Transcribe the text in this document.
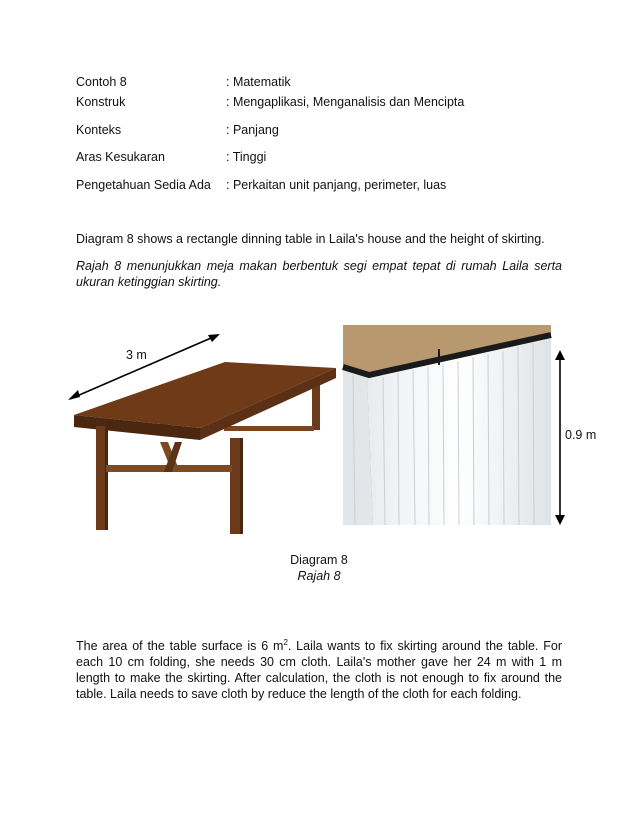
Contoh 8	: Matematik
Konstruk	: Mengaplikasi, Menganalisis dan Mencipta
Konteks	: Panjang
Aras Kesukaran	: Tinggi
Pengetahuan Sedia Ada : Perkaitan unit panjang, perimeter, luas

Diagram 8 shows a rectangle dinning table in Laila's house and the height of skirting.

Rajah 8 menunjukkan meja makan berbentuk segi empat tepat di rumah Laila serta ukuran ketinggian skirting.

3 m
0.9 m
Diagram 8
Rajah 8

The area of the table surface is 6 $m^2$. Laila wants to fix skirting around the table. For each 10 cm folding, she needs 30 cm cloth. Laila's mother gave her 24 m with 1 m length to make the skirting. After calculation, the cloth is not enough to fix around the table. Laila needs to save cloth by reduce the length of the cloth for each folding.
